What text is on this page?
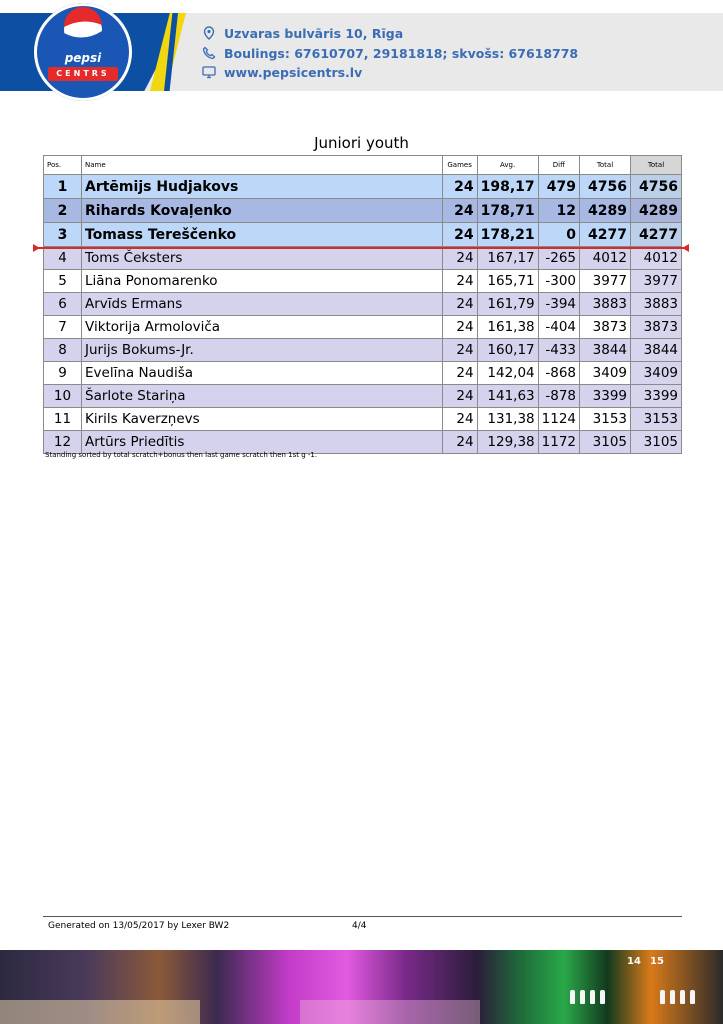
pepsi
CENTRS
Uzvaras bulvāris 10, Rīga
Boulings: 67610707, 29181818; skvošs: 67618778
www.pepsicentrs.lv
Juniori youth
Pos.	Name	Games	Avg.	Diff	Total	Total
1	Artēmijs Hudjakovs	24	198,17	479	4756	4756
2	Rihards Kovaļenko	24	178,71	12	4289	4289
3	Tomass Tereščenko	24	178,21	0	4277	4277
4	Toms Čeksters	24	167,17	-265	4012	4012
5	Liāna Ponomarenko	24	165,71	-300	3977	3977
6	Arvīds Ermans	24	161,79	-394	3883	3883
7	Viktorija Armoloviča	24	161,38	-404	3873	3873
8	Jurijs Bokums-Jr.	24	160,17	-433	3844	3844
9	Evelīna Naudiša	24	142,04	-868	3409	3409
10	Šarlote Stariņa	24	141,63	-878	3399	3399
11	Kirils Kaverzņevs	24	131,38	1124	3153	3153
12	Artūrs Priedītis	24	129,38	1172	3105	3105
Standing sorted by total scratch+bonus then last game scratch then 1st g -1.
Generated on 13/05/2017 by Lexer BW2	4/4
14 15
